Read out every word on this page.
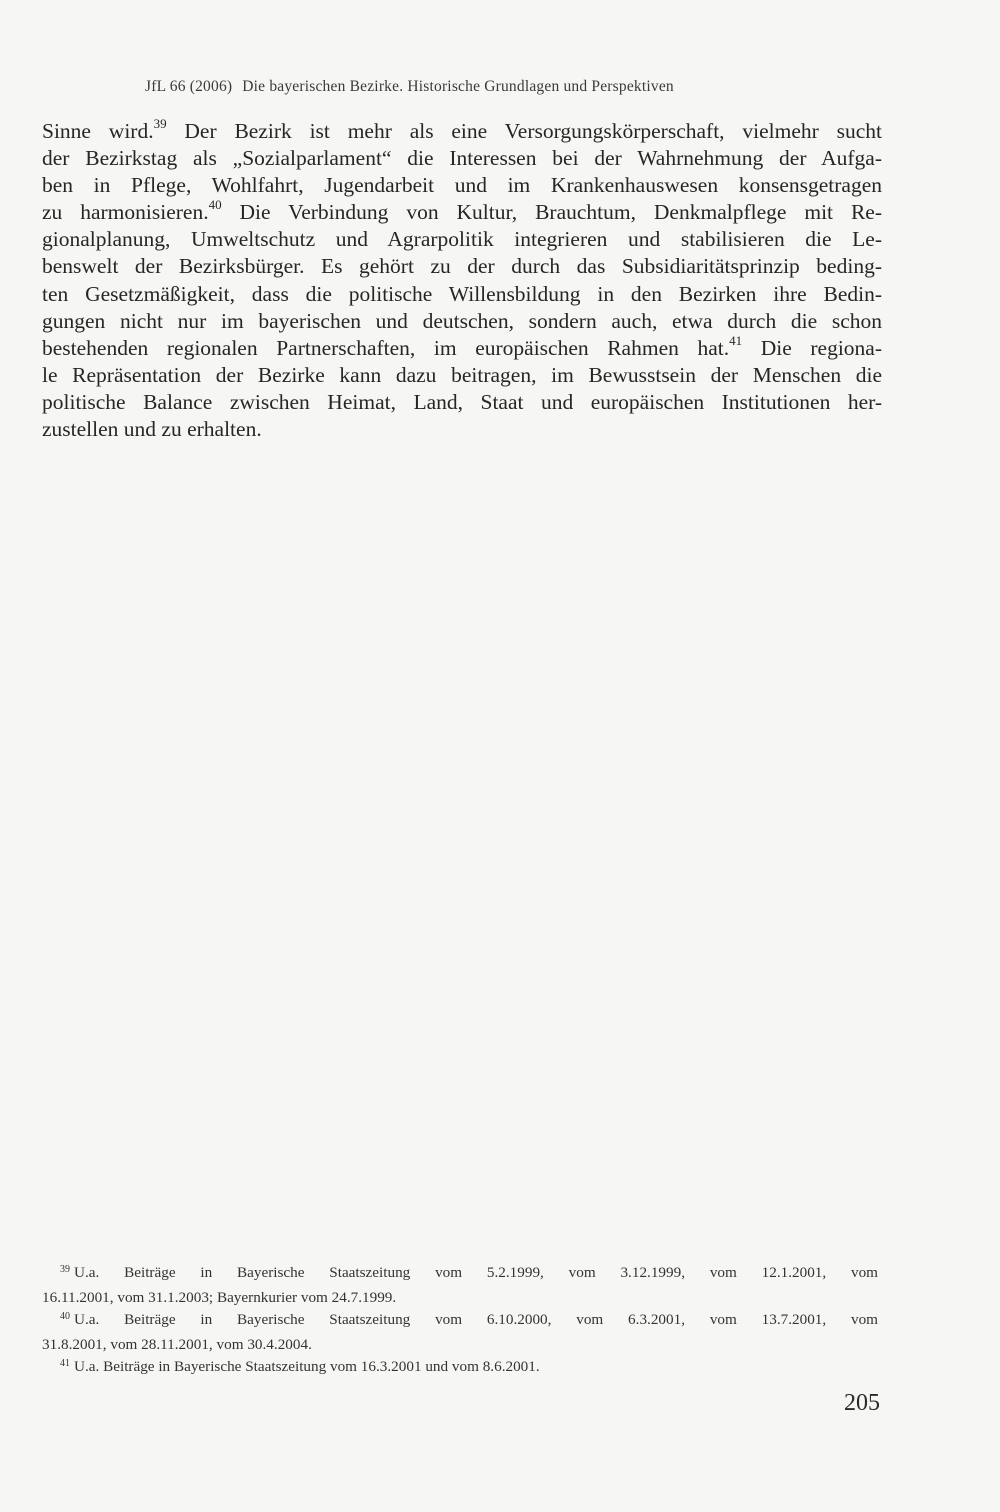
JfL 66 (2006) Die bayerischen Bezirke. Historische Grundlagen und Perspektiven
Sinne wird.$^{39}$ Der Bezirk ist mehr als eine Versorgungskörperschaft, vielmehr sucht
der Bezirkstag als „Sozialparlament“ die Interessen bei der Wahrnehmung der Aufga-
ben in Pflege, Wohlfahrt, Jugendarbeit und im Krankenhauswesen konsensgetragen
zu harmonisieren.$^{40}$ Die Verbindung von Kultur, Brauchtum, Denkmalpflege mit Re-
gionalplanung, Umweltschutz und Agrarpolitik integrieren und stabilisieren die Le-
benswelt der Bezirksbürger. Es gehört zu der durch das Subsidiaritätsprinzip beding-
ten Gesetzmäßigkeit, dass die politische Willensbildung in den Bezirken ihre Bedin-
gungen nicht nur im bayerischen und deutschen, sondern auch, etwa durch die schon
bestehenden regionalen Partnerschaften, im europäischen Rahmen hat.$^{41}$ Die regiona-
le Repräsentation der Bezirke kann dazu beitragen, im Bewusstsein der Menschen die
politische Balance zwischen Heimat, Land, Staat und europäischen Institutionen her-
zustellen und zu erhalten.
$^{39}$ U.a. Beiträge in Bayerische Staatszeitung vom 5.2.1999, vom 3.12.1999, vom 12.1.2001, vom
16.11.2001, vom 31.1.2003; Bayernkurier vom 24.7.1999.
$^{40}$ U.a. Beiträge in Bayerische Staatszeitung vom 6.10.2000, vom 6.3.2001, vom 13.7.2001, vom
31.8.2001, vom 28.11.2001, vom 30.4.2004.
$^{41}$ U.a. Beiträge in Bayerische Staatszeitung vom 16.3.2001 und vom 8.6.2001.
205
